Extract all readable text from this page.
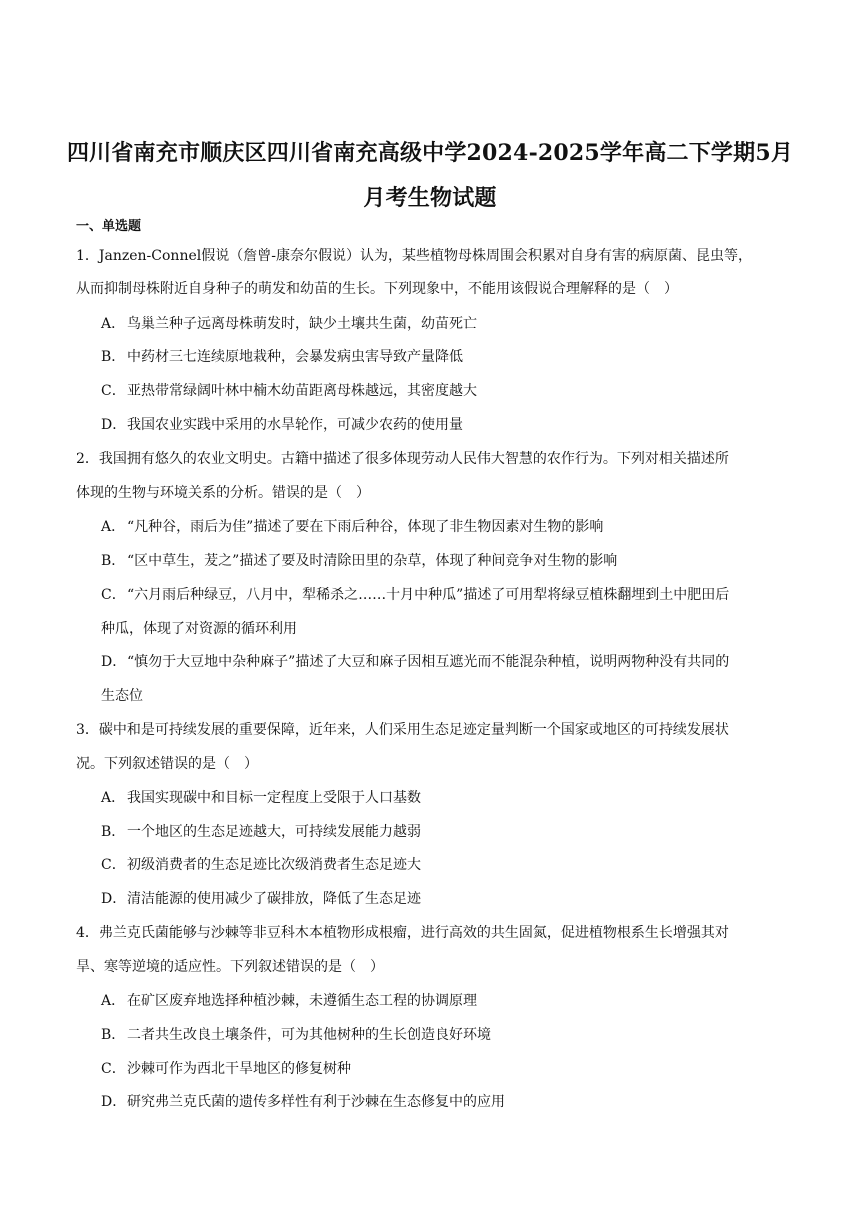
四川省南充市顺庆区四川省南充高级中学2024-2025学年高二下学期5月
月考生物试题
一、单选题
1．Janzen-Connel假说（詹曾-康奈尔假说）认为，某些植物母株周围会积累对自身有害的病原菌、昆虫等，
从而抑制母株附近自身种子的萌发和幼苗的生长。下列现象中，不能用该假说合理解释的是（　）
A． 鸟巢兰种子远离母株萌发时，缺少土壤共生菌，幼苗死亡
B． 中药材三七连续原地栽种，会暴发病虫害导致产量降低
C．亚热带常绿阔叶林中楠木幼苗距离母株越远，其密度越大
D．我国农业实践中采用的水旱轮作，可减少农药的使用量
2．我国拥有悠久的农业文明史。古籍中描述了很多体现劳动人民伟大智慧的农作行为。下列对相关描述所
体现的生物与环境关系的分析。错误的是（　）
A． “凡种谷，雨后为佳”描述了要在下雨后种谷，体现了非生物因素对生物的影响
B． “区中草生，茇之”描述了要及时清除田里的杂草，体现了种间竞争对生物的影响
C．“六月雨后种绿豆，八月中，犁稀杀之……十月中种瓜”描述了可用犁将绿豆植株翻埋到土中肥田后
种瓜，体现了对资源的循环利用
D．“慎勿于大豆地中杂种麻子”描述了大豆和麻子因相互遮光而不能混杂种植，说明两物种没有共同的
生态位
3．碳中和是可持续发展的重要保障，近年来，人们采用生态足迹定量判断一个国家或地区的可持续发展状
况。下列叙述错误的是（　）
A． 我国实现碳中和目标一定程度上受限于人口基数
B． 一个地区的生态足迹越大，可持续发展能力越弱
C．初级消费者的生态足迹比次级消费者生态足迹大
D．清洁能源的使用减少了碳排放，降低了生态足迹
4．弗兰克氏菌能够与沙棘等非豆科木本植物形成根瘤，进行高效的共生固氮，促进植物根系生长增强其对
旱、寒等逆境的适应性。下列叙述错误的是（　）
A． 在矿区废弃地选择种植沙棘，未遵循生态工程的协调原理
B． 二者共生改良土壤条件，可为其他树种的生长创造良好环境
C．沙棘可作为西北干旱地区的修复树种
D．研究弗兰克氏菌的遗传多样性有利于沙棘在生态修复中的应用
